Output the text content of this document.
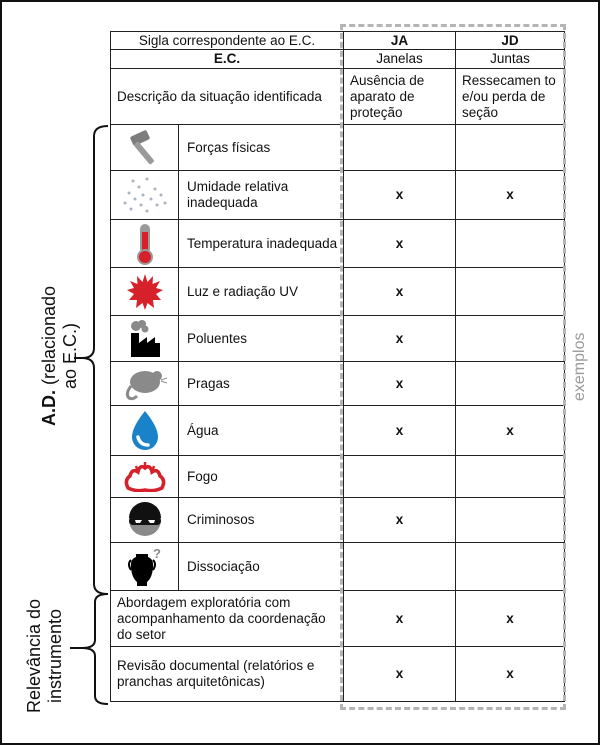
A.D. (relacionado ao E.C.)
Relevância do instrumento
Sigla correspondente ao E.C.		JA	JD
E.C.		Janelas	Juntas
Descrição da situação identificada		Ausência de aparato de proteção	Ressecamen to e/ou perda de seção

	Forças físicas		

	Umidade relativa inadequada	x	x

	Temperatura inadequada	x	

	Luz e radiação UV	x	

	Poluentes	x	

	Pragas	x	

	Água	x	x

	Fogo		

	Criminosos	x	

?	Dissociação		
Abordagem exploratória com acompanhamento da coordenação do setor		x	x
Revisão documental (relatórios e pranchas arquitetônicas)		x	x
exemplos
